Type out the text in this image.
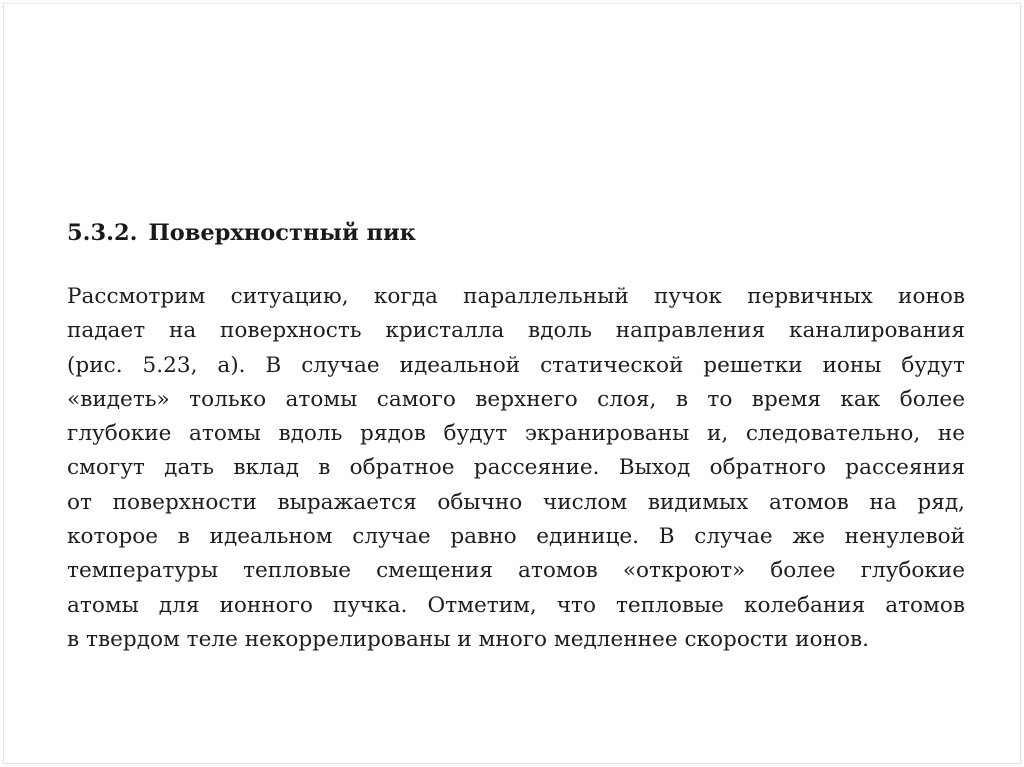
5.3.2. Поверхностный пик
Рассмотрим ситуацию, когда параллельный пучок первичных ионов
падает на поверхность кристалла вдоль направления каналирования
(рис. 5.23, a). В случае идеальной статической решетки ионы будут
«видеть» только атомы самого верхнего слоя, в то время как более
глубокие атомы вдоль рядов будут экранированы и, следовательно, не
смогут дать вклад в обратное рассеяние. Выход обратного рассеяния
от поверхности выражается обычно числом видимых атомов на ряд,
которое в идеальном случае равно единице. В случае же ненулевой
температуры тепловые смещения атомов «откроют» более глубокие
атомы для ионного пучка. Отметим, что тепловые колебания атомов
в твердом теле некоррелированы и много медленнее скорости ионов.
